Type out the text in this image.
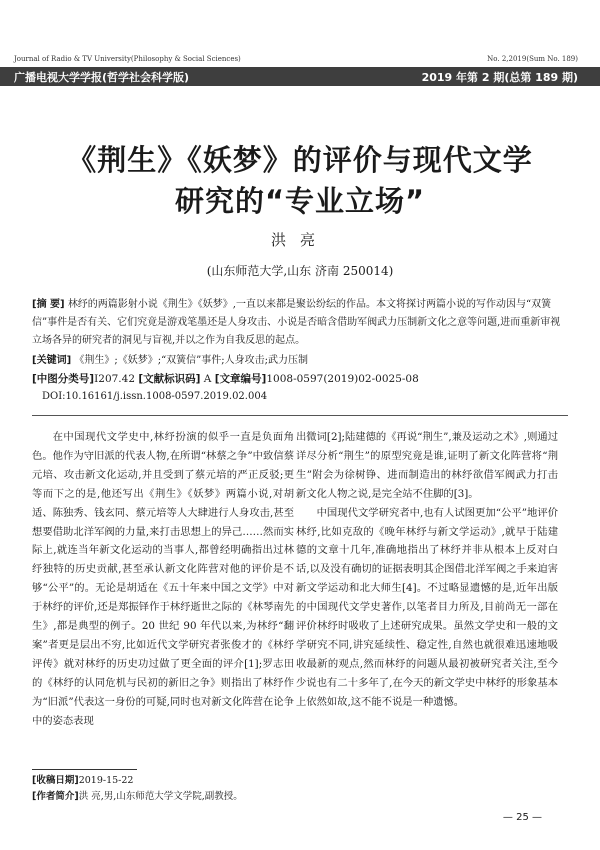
Journal of Radio & TV University(Philosophy & Social Sciences)	No. 2,2019(Sum No. 189)
广播电视大学学报(哲学社会科学版)	2019 年第 2 期(总第 189 期)
《荆生》《妖梦》的评价与现代文学
研究的“专业立场”
洪亮
(山东师范大学,山东 济南 250014)
[摘 要] 林纾的两篇影射小说《荆生》《妖梦》,一直以来都是聚讼纷纭的作品。本文将探讨两篇小说的写作动因与“双簧信”事件是否有关、它们究竟是游戏笔墨还是人身攻击、小说是否暗含借助军阀武力压制新文化之意等问题,进而重新审视立场各异的研究者的洞见与盲视,并以之作为自我反思的起点。
[关键词] 《荆生》;《妖梦》;“双簧信”事件;人身攻击;武力压制
[中图分类号]I207.42 [文献标识码] A [文章编号]1008-0597(2019)02-0025-08
DOI:10.16161/j.issn.1008-0597.2019.02.004

在中国现代文学史中,林纾扮演的似乎一直是负面角色。他作为守旧派的代表人物,在所谓“林蔡之争”中致信蔡元培、攻击新文化运动,并且受到了蔡元培的严正反驳;更等而下之的是,他还写出《荆生》《妖梦》两篇小说,对胡适、陈独秀、钱玄同、蔡元培等人大肆进行人身攻击,甚至想要借助北洋军阀的力量,来打击思想上的异己……然而实际上,就连当年新文化运动的当事人,都曾经明确指出过林纾独特的历史贡献,甚至承认新文化阵营对他的评价是不够“公平”的。无论是胡适在《五十年来中国之文学》中对于林纾的评价,还是郑振铎作于林纾逝世之际的《林琴南先生》,都是典型的例子。20 世纪 90 年代以来,为林纾“翻案”者更是层出不穷,比如近代文学研究者张俊才的《林纾评传》就对林纾的历史功过做了更全面的评介[1];罗志田的《林纾的认同危机与民初的新旧之争》则指出了林纾作为“旧派”代表这一身份的可疑,同时也对新文化阵营在论争中的姿态表现

出微词[2];陆建德的《再说“荆生”,兼及运动之术》,则通过详尽分析“荆生”的原型究竟是谁,证明了新文化阵营将“荆生”附会为徐树铮、进而制造出的林纾欲借军阀武力打击新文化人物之说,是完全站不住脚的[3]。

中国现代文学研究者中,也有人试图更加“公平”地评价林纾,比如克敌的《晚年林纾与新文学运动》,就早于陆建德的文章十几年,准确地指出了林纾并非从根本上反对白话,以及没有确切的证据表明其企图借北洋军阀之手来迫害新文学运动和北大师生[4]。不过略显遗憾的是,近年出版的中国现代文学史著作,以笔者目力所及,目前尚无一部在评价林纾时吸收了上述研究成果。虽然文学史和一般的文学研究不同,讲究延续性、稳定性,自然也就很难迅速地吸收最新的观点,然而林纾的问题从最初被研究者关注,至今少说也有二十多年了,在今天的新文学史中林纾的形象基本上依然如故,这不能不说是一种遗憾。

[收稿日期]2019-15-22
[作者简介]洪 亮,男,山东师范大学文学院,副教授。
— 25 —
